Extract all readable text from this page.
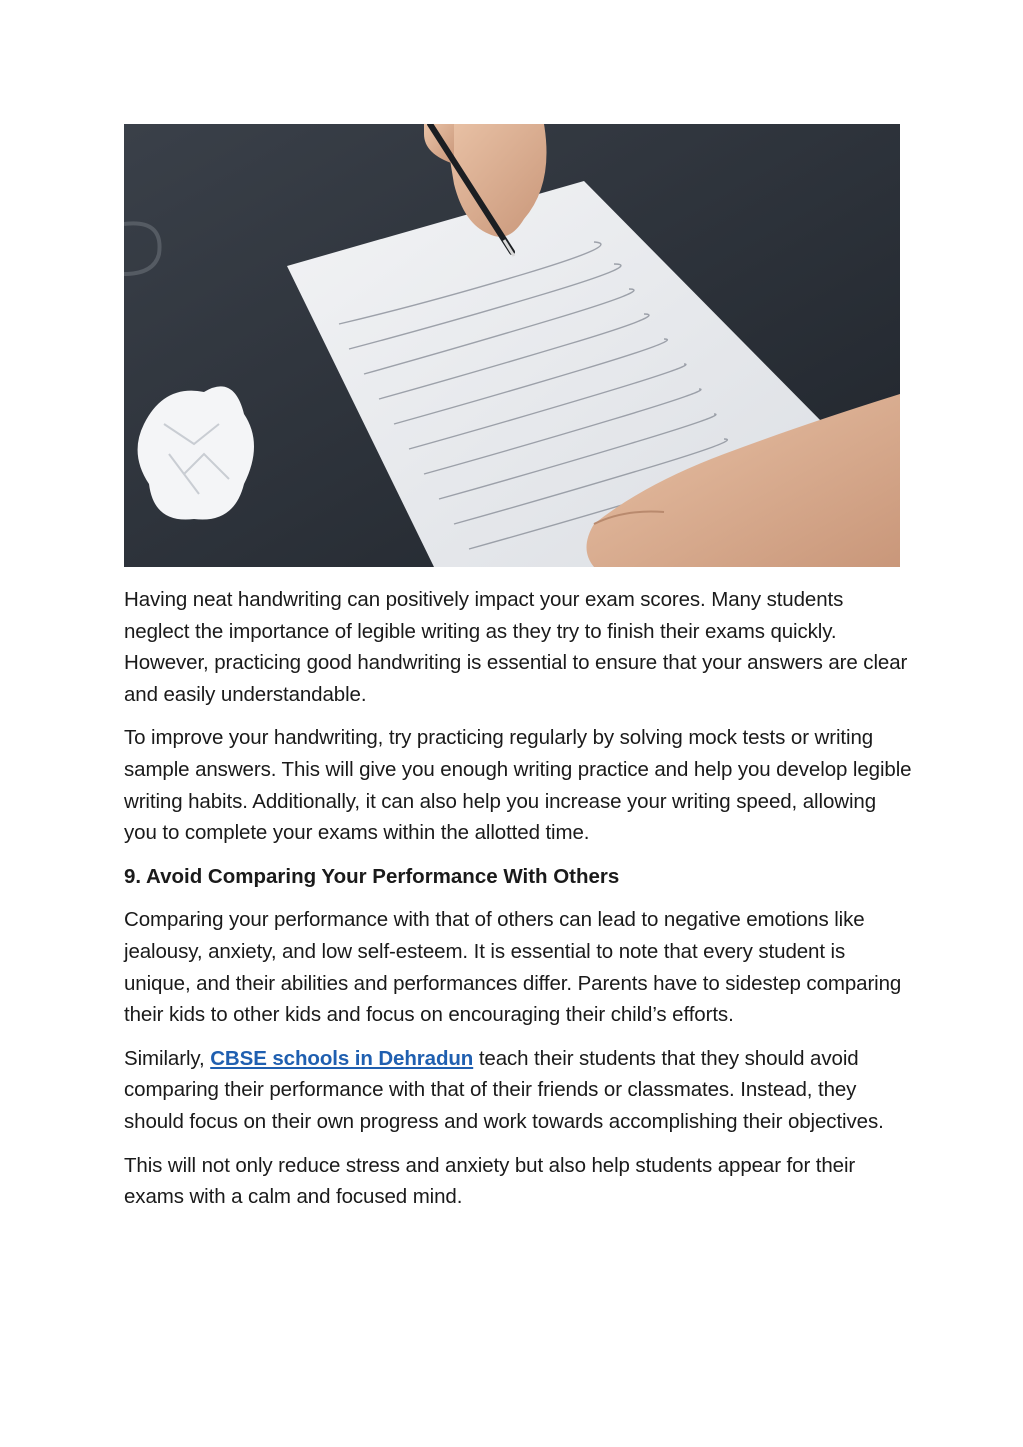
Having neat handwriting can positively impact your exam scores. Many students neglect the importance of legible writing as they try to finish their exams quickly. However, practicing good handwriting is essential to ensure that your answers are clear and easily understandable.

To improve your handwriting, try practicing regularly by solving mock tests or writing sample answers. This will give you enough writing practice and help you develop legible writing habits. Additionally, it can also help you increase your writing speed, allowing you to complete your exams within the allotted time.

9. Avoid Comparing Your Performance With Others

Comparing your performance with that of others can lead to negative emotions like jealousy, anxiety, and low self-esteem. It is essential to note that every student is unique, and their abilities and performances differ. Parents have to sidestep comparing their kids to other kids and focus on encouraging their child’s efforts.

Similarly, CBSE schools in Dehradun teach their students that they should avoid comparing their performance with that of their friends or classmates. Instead, they should focus on their own progress and work towards accomplishing their objectives.

This will not only reduce stress and anxiety but also help students appear for their exams with a calm and focused mind.
